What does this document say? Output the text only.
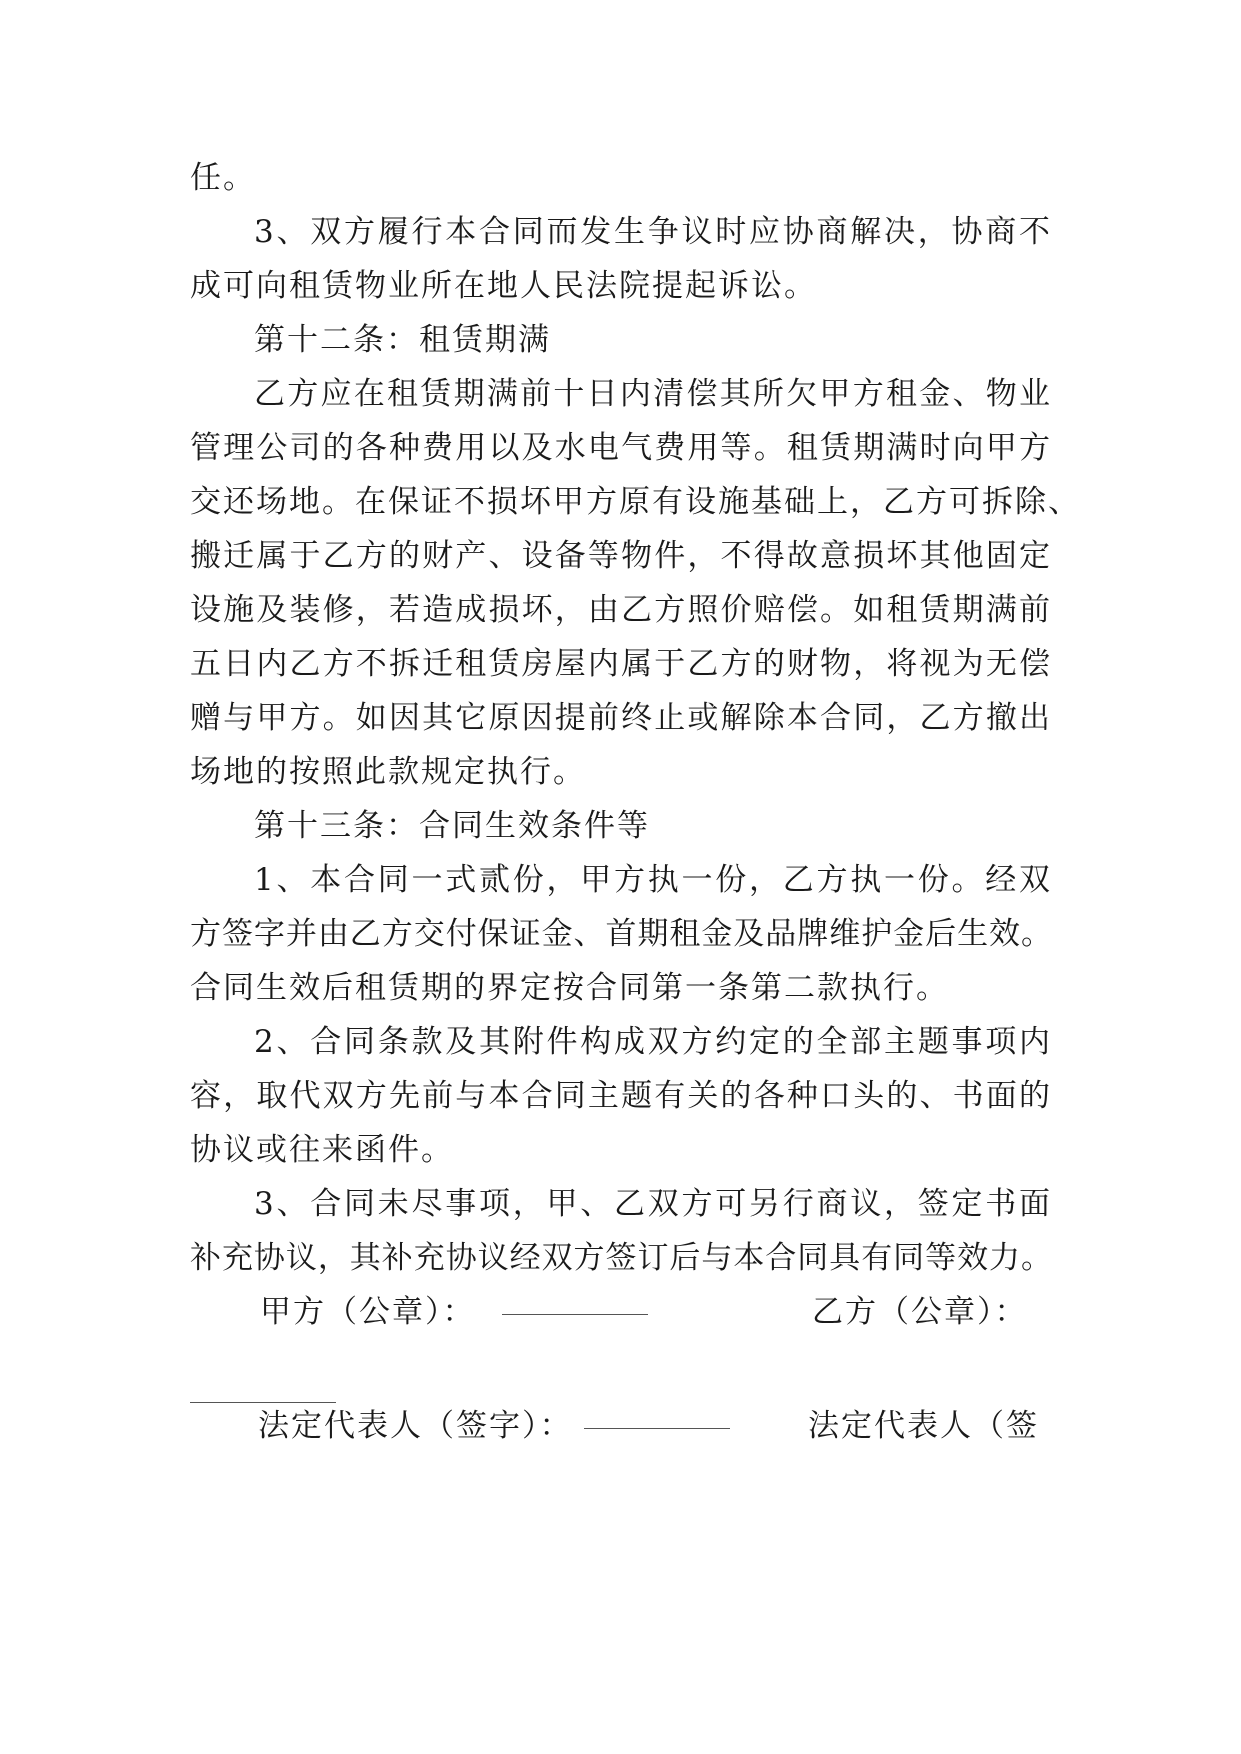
任。
3、双方履行本合同而发生争议时应协商解决，协商不
成可向租赁物业所在地人民法院提起诉讼。
第十二条：租赁期满
乙方应在租赁期满前十日内清偿其所欠甲方租金、物业
管理公司的各种费用以及水电气费用等。租赁期满时向甲方
交还场地。在保证不损坏甲方原有设施基础上，乙方可拆除、
搬迁属于乙方的财产、设备等物件，不得故意损坏其他固定
设施及装修，若造成损坏，由乙方照价赔偿。如租赁期满前
五日内乙方不拆迁租赁房屋内属于乙方的财物，将视为无偿
赠与甲方。如因其它原因提前终止或解除本合同，乙方撤出
场地的按照此款规定执行。
第十三条：合同生效条件等
1、本合同一式贰份，甲方执一份，乙方执一份。经双
方签字并由乙方交付保证金、首期租金及品牌维护金后生效。
合同生效后租赁期的界定按合同第一条第二款执行。
2、合同条款及其附件构成双方约定的全部主题事项内
容，取代双方先前与本合同主题有关的各种口头的、书面的
协议或往来函件。
3、合同未尽事项，甲、乙双方可另行商议，签定书面
补充协议，其补充协议经双方签订后与本合同具有同等效力。
甲方（公章）：	乙方（公章）：
法定代表人（签字）：	法定代表人（签
